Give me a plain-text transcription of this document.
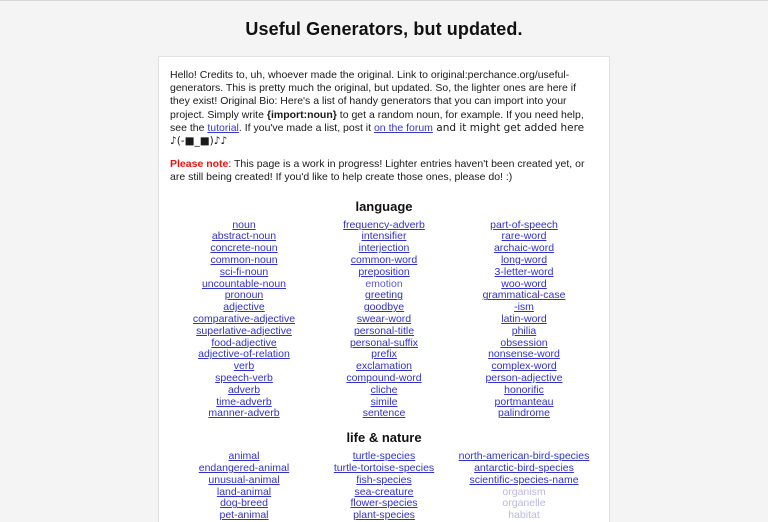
Useful Generators, but updated.

Hello! Credits to, uh, whoever made the original. Link to original:perchance.org/useful-generators. This is pretty much the original, but updated. So, the lighter ones are here if they exist! Original Bio: Here's a list of handy generators that you can import into your project. Simply write {import:noun} to get a random noun, for example. If you need help, see the tutorial. If you've made a list, post it on the forum and it might get added here ♪(-■_■)♪♪

Please note: This page is a work in progress! Lighter entries haven't been created yet, or are still being created! If you'd like to help create those ones, please do! :)

language
noun
abstract-noun
concrete-noun
common-noun
sci-fi-noun
uncountable-noun
pronoun
adjective
comparative-adjective
superlative-adjective
food-adjective
adjective-of-relation
verb
speech-verb
adverb
time-adverb
manner-adverb
frequency-adverb
intensifier
interjection
common-word
preposition
emotion
greeting
goodbye
swear-word
personal-title
personal-suffix
prefix
exclamation
compound-word
cliche
simile
sentence
part-of-speech
rare-word
archaic-word
long-word
3-letter-word
woo-word
grammatical-case
-ism
latin-word
philia
obsession
nonsense-word
complex-word
person-adjective
honorific
portmanteau
palindrome
life & nature
animal
endangered-animal
unusual-animal
land-animal
dog-breed
pet-animal
turtle-species
turtle-tortoise-species
fish-species
sea-creature
flower-species
plant-species
north-american-bird-species
antarctic-bird-species
scientific-species-name
organism
organelle
habitat
